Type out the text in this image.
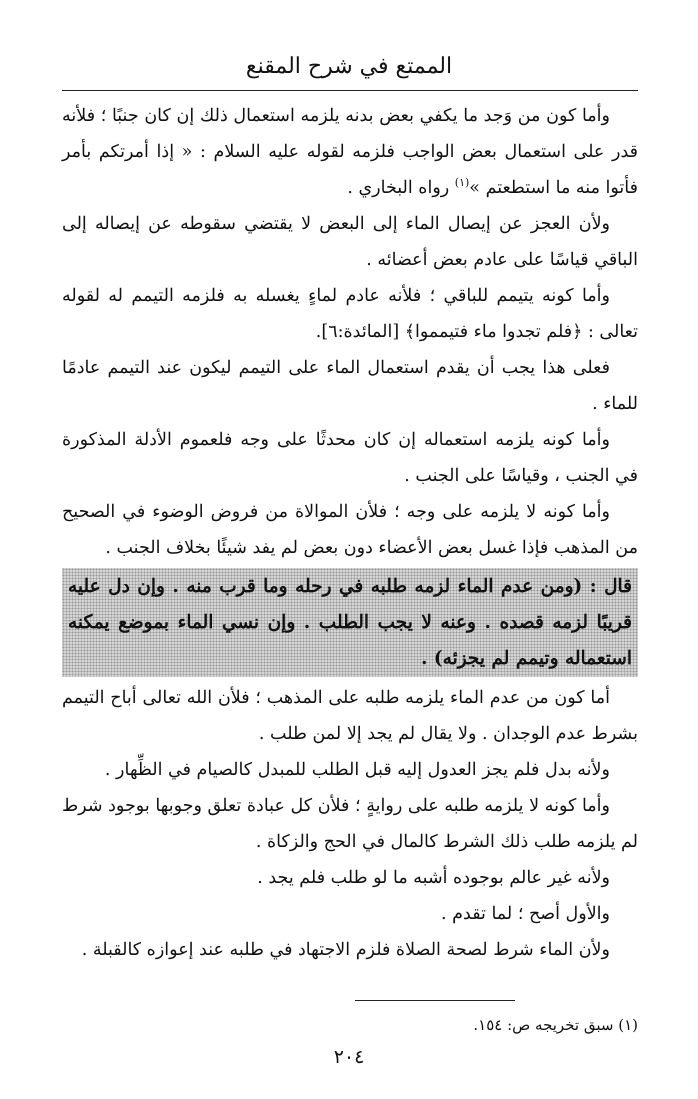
الممتع في شرح المقنع

وأما كون من وَجد ما يكفي بعض بدنه يلزمه استعمال ذلك إن كان جنبًا ؛ فلأنه قدر على استعمال بعض الواجب فلزمه لقوله عليه السلام : « إذا أمرتكم بأمر فأتوا منه ما استطعتم »$^{(١)}$ رواه البخاري .

ولأن العجز عن إيصال الماء إلى البعض لا يقتضي سقوطه عن إيصاله إلى الباقي قياسًا على عادم بعض أعضائه .

وأما كونه يتيمم للباقي ؛ فلأنه عادم لماءٍ يغسله به فلزمه التيمم له لقوله تعالى : ﴿فلم تجدوا ماء فتيمموا﴾ [المائدة:٦].

فعلى هذا يجب أن يقدم استعمال الماء على التيمم ليكون عند التيمم عادمًا للماء .

وأما كونه يلزمه استعماله إن كان محدثًا على وجه فلعموم الأدلة المذكورة في الجنب ، وقياسًا على الجنب .

وأما كونه لا يلزمه على وجه ؛ فلأن الموالاة من فروض الوضوء في الصحيح من المذهب فإذا غسل بعض الأعضاء دون بعض لم يفد شيئًا بخلاف الجنب .

قال : (ومن عدم الماء لزمه طلبه في رحله وما قرب منه . وإن دل عليه قريبًا لزمه قصده . وعنه لا يجب الطلب . وإن نسي الماء بموضع يمكنه استعماله وتيمم لم يجزئه) .

أما كون من عدم الماء يلزمه طلبه على المذهب ؛ فلأن الله تعالى أباح التيمم بشرط عدم الوجدان . ولا يقال لم يجد إلا لمن طلب .

ولأنه بدل فلم يجز العدول إليه قبل الطلب للمبدل كالصيام في الظِّهار .

وأما كونه لا يلزمه طلبه على روايةٍ ؛ فلأن كل عبادة تعلق وجوبها بوجود شرط لم يلزمه طلب ذلك الشرط كالمال في الحج والزكاة .

ولأنه غير عالم بوجوده أشبه ما لو طلب فلم يجد .

والأول أصح ؛ لما تقدم .

ولأن الماء شرط لصحة الصلاة فلزم الاجتهاد في طلبه عند إعوازه كالقبلة .

(١) سبق تخريجه ص: ١٥٤.
٢٠٤
